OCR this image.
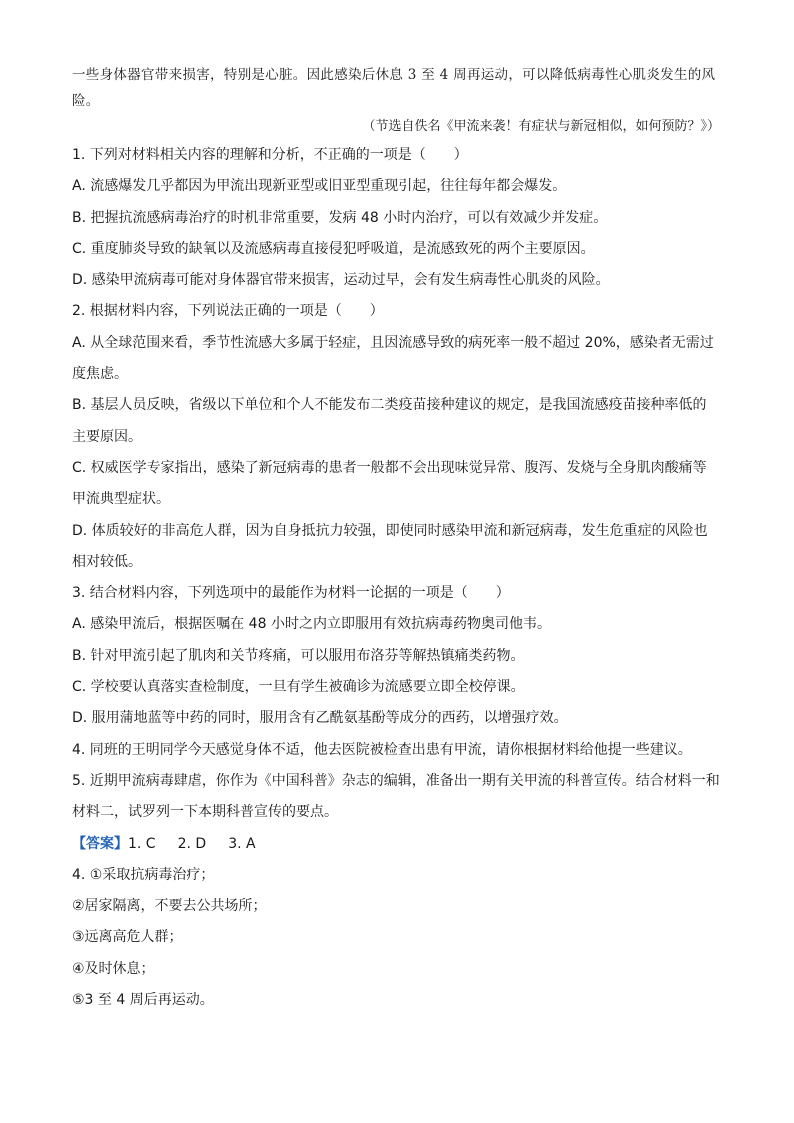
一些身体器官带来损害，特别是心脏。因此感染后休息 3 至 4 周再运动，可以降低病毒性心肌炎发生的风

险。

（节选自佚名《甲流来袭！有症状与新冠相似，如何预防？》）

1. 下列对材料相关内容的理解和分析，不正确的一项是（　　）

A. 流感爆发几乎都因为甲流出现新亚型或旧亚型重现引起，往往每年都会爆发。

B. 把握抗流感病毒治疗的时机非常重要，发病 48 小时内治疗，可以有效减少并发症。

C. 重度肺炎导致的缺氧以及流感病毒直接侵犯呼吸道，是流感致死的两个主要原因。

D. 感染甲流病毒可能对身体器官带来损害，运动过早，会有发生病毒性心肌炎的风险。

2. 根据材料内容，下列说法正确的一项是（　　）

A. 从全球范围来看，季节性流感大多属于轻症，且因流感导致的病死率一般不超过 20%，感染者无需过

度焦虑。

B. 基层人员反映，省级以下单位和个人不能发布二类疫苗接种建议的规定，是我国流感疫苗接种率低的

主要原因。

C. 权威医学专家指出，感染了新冠病毒的患者一般都不会出现味觉异常、腹泻、发烧与全身肌肉酸痛等

甲流典型症状。

D. 体质较好的非高危人群，因为自身抵抗力较强，即使同时感染甲流和新冠病毒，发生危重症的风险也

相对较低。

3. 结合材料内容，下列选项中的最能作为材料一论据的一项是（　　）

A. 感染甲流后，根据医嘱在 48 小时之内立即服用有效抗病毒药物奥司他韦。

B. 针对甲流引起了肌肉和关节疼痛，可以服用布洛芬等解热镇痛类药物。

C. 学校要认真落实查检制度，一旦有学生被确诊为流感要立即全校停课。

D. 服用蒲地蓝等中药的同时，服用含有乙酰氨基酚等成分的西药，以增强疗效。

4. 同班的王明同学今天感觉身体不适，他去医院被检查出患有甲流，请你根据材料给他提一些建议。

5. 近期甲流病毒肆虐，你作为《中国科普》杂志的编辑，准备出一期有关甲流的科普宣传。结合材料一和

材料二，试罗列一下本期科普宣传的要点。

【答案】1. C 2. D 3. A

4. ①采取抗病毒治疗；

②居家隔离，不要去公共场所；

③远离高危人群；

④及时休息；

⑤3 至 4 周后再运动。
